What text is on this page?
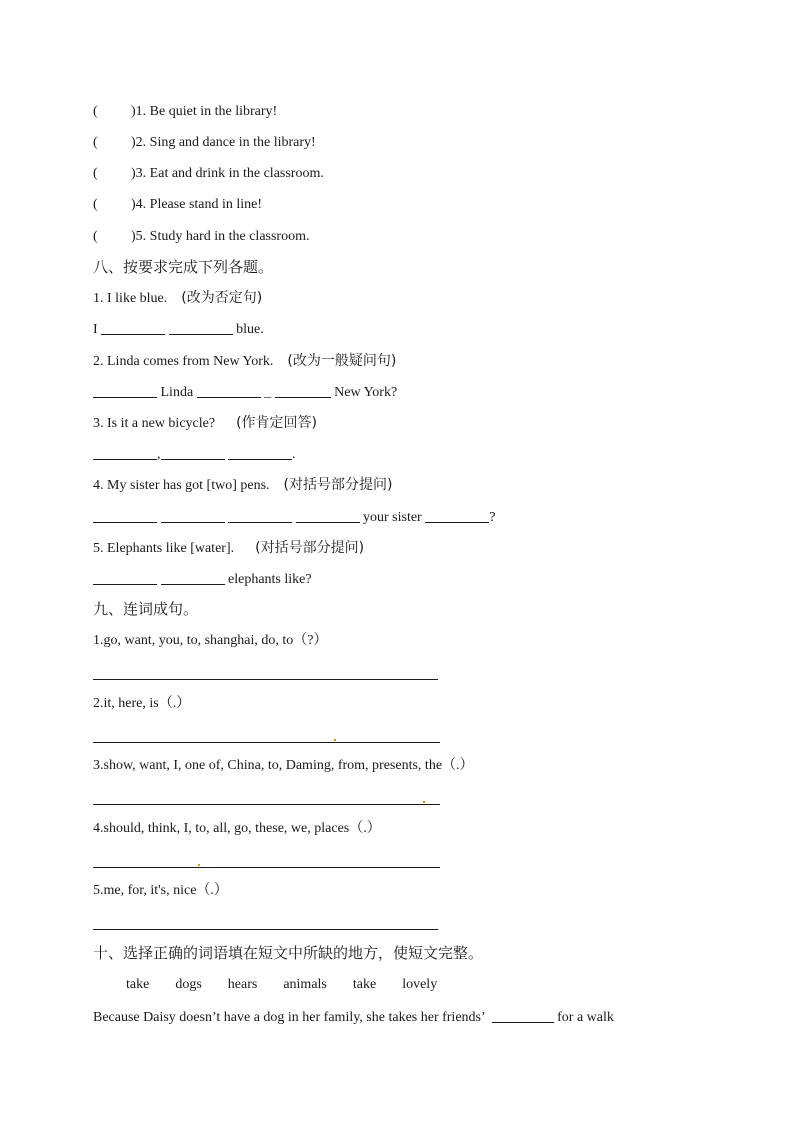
( )1. Be quiet in the library!
( )2. Sing and dance in the library!
( )3. Eat and drink in the classroom.
( )4. Please stand in line!
( )5. Study hard in the classroom.
八、按要求完成下列各题。
1. I like blue. (改为否定句)
I	blue.
2. Linda comes from New York. (改为一般疑问句)
Linda	_	New York?
3. Is it a new bicycle? (作肯定回答)
,	.
4. My sister has got [two] pens. (对括号部分提问)
your sister	?
5. Elephants like [water]. (对括号部分提问)
elephants like?
九、连词成句。
1.go, want, you, to, shanghai, do, to（?）
2.it, here, is（.）
3.show, want, I, one of, China, to, Daming, from, presents, the（.）
4.should, think, I, to, all, go, these, we, places（.）
5.me, for, it's, nice（.）
十、选择正确的词语填在短文中所缺的地方，使短文完整。
take dogs hears animals take lovely
Because Daisy doesn’t have a dog in her family, she takes her friends’	for a walk
